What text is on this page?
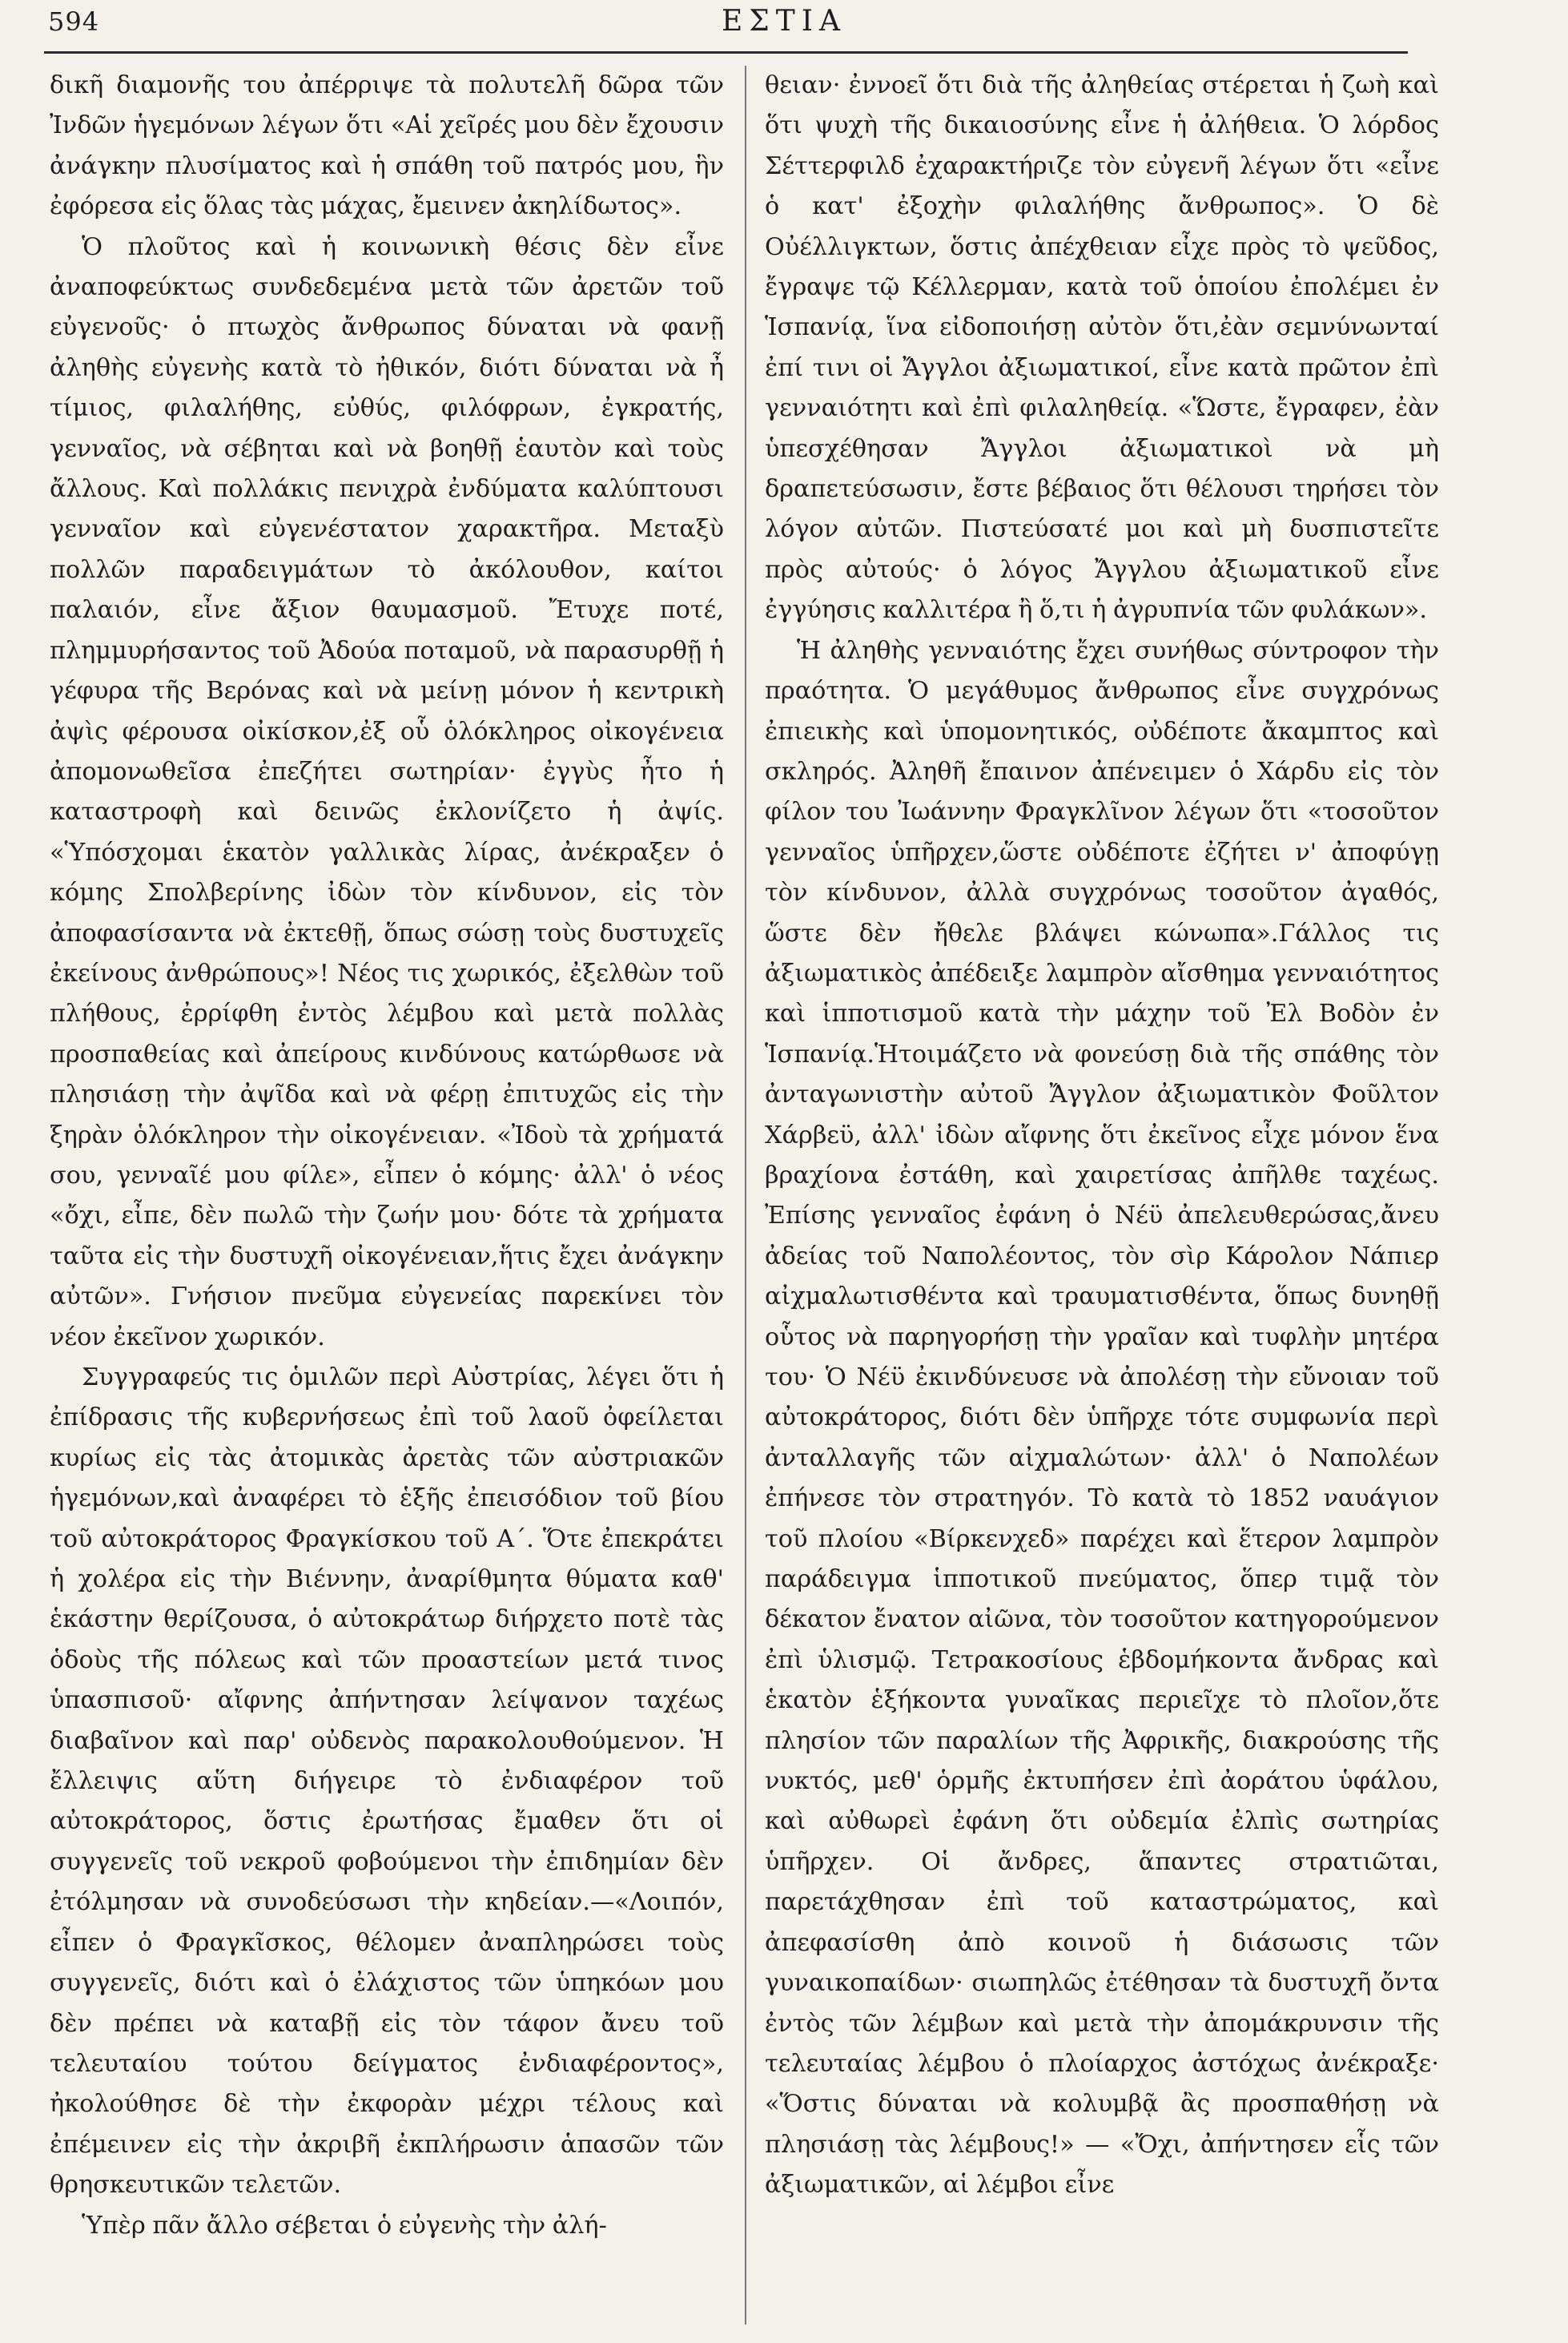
594	ΕΣΤΙΑ

δικῆ διαμονῆς του ἀπέρριψε τὰ πολυτελῆ δῶρα τῶν Ἰνδῶν ἡγεμόνων λέγων ὅτι «Αἱ χεῖρές μου δὲν ἔχουσιν ἀνάγκην πλυσίματος καὶ ἡ σπάθη τοῦ πατρός μου, ἣν ἐφόρεσα εἰς ὅλας τὰς μάχας, ἔμεινεν ἀκηλίδωτος».

Ὁ πλοῦτος καὶ ἡ κοινωνικὴ θέσις δὲν εἶνε ἀναποφεύκτως συνδεδεμένα μετὰ τῶν ἀρετῶν τοῦ εὐγενοῦς· ὁ πτωχὸς ἄνθρωπος δύναται νὰ φανῇ ἀληθὴς εὐγενὴς κατὰ τὸ ἠθικόν, διότι δύναται νὰ ἦ τίμιος, φιλαλήθης, εὐθύς, φιλόφρων, ἐγκρατής, γενναῖος, νὰ σέβηται καὶ νὰ βοηθῇ ἑαυτὸν καὶ τοὺς ἄλλους. Καὶ πολλάκις πενιχρὰ ἐνδύματα καλύπτουσι γενναῖον καὶ εὐγενέστατον χαρακτῆρα. Μεταξὺ πολλῶν παραδειγμάτων τὸ ἀκόλουθον, καίτοι παλαιόν, εἶνε ἄξιον θαυμασμοῦ. Ἔτυχε ποτέ, πλημμυρήσαντος τοῦ Ἀδούα ποταμοῦ, νὰ παρασυρθῇ ἡ γέφυρα τῆς Βερόνας καὶ νὰ μείνῃ μόνον ἡ κεντρικὴ ἀψὶς φέρουσα οἰκίσκον,ἐξ οὗ ὁλόκληρος οἰκογένεια ἀπομονωθεῖσα ἐπεζήτει σωτηρίαν· ἐγγὺς ἦτο ἡ καταστροφὴ καὶ δεινῶς ἐκλονίζετο ἡ ἀψίς. «Ὑπόσχομαι ἑκατὸν γαλλικὰς λίρας, ἀνέκραξεν ὁ κόμης Σπολβερίνης ἰδὼν τὸν κίνδυνον, εἰς τὸν ἀποφασίσαντα νὰ ἐκτεθῇ, ὅπως σώσῃ τοὺς δυστυχεῖς ἐκείνους ἀνθρώπους»! Νέος τις χωρικός, ἐξελθὼν τοῦ πλήθους, ἐρρίφθη ἐντὸς λέμβου καὶ μετὰ πολλὰς προσπαθείας καὶ ἀπείρους κινδύνους κατώρθωσε νὰ πλησιάσῃ τὴν ἀψῖδα καὶ νὰ φέρῃ ἐπιτυχῶς εἰς τὴν ξηρὰν ὁλόκληρον τὴν οἰκογένειαν. «Ἰδοὺ τὰ χρήματά σου, γενναῖέ μου φίλε», εἶπεν ὁ κόμης· ἀλλ' ὁ νέος «ὄχι, εἶπε, δὲν πωλῶ τὴν ζωήν μου· δότε τὰ χρήματα ταῦτα εἰς τὴν δυστυχῆ οἰκογένειαν,ἥτις ἔχει ἀνάγκην αὐτῶν». Γνήσιον πνεῦμα εὐγενείας παρεκίνει τὸν νέον ἐκεῖνον χωρικόν.

Συγγραφεύς τις ὁμιλῶν περὶ Αὐστρίας, λέγει ὅτι ἡ ἐπίδρασις τῆς κυβερνήσεως ἐπὶ τοῦ λαοῦ ὀφείλεται κυρίως εἰς τὰς ἀτομικὰς ἀρετὰς τῶν αὐστριακῶν ἡγεμόνων,καὶ ἀναφέρει τὸ ἑξῆς ἐπεισόδιον τοῦ βίου τοῦ αὐτοκράτορος Φραγκίσκου τοῦ Α΄. Ὅτε ἐπεκράτει ἡ χολέρα εἰς τὴν Βιέννην, ἀναρίθμητα θύματα καθ' ἑκάστην θερίζουσα, ὁ αὐτοκράτωρ διήρχετο ποτὲ τὰς ὁδοὺς τῆς πόλεως καὶ τῶν προαστείων μετά τινος ὑπασπισοῦ· αἴφνης ἀπήντησαν λείψανον ταχέως διαβαῖνον καὶ παρ' οὐδενὸς παρακολουθούμενον. Ἡ ἔλλειψις αὕτη διήγειρε τὸ ἐνδιαφέρον τοῦ αὐτοκράτορος, ὅστις ἐρωτήσας ἔμαθεν ὅτι οἱ συγγενεῖς τοῦ νεκροῦ φοβούμενοι τὴν ἐπιδημίαν δὲν ἐτόλμησαν νὰ συνοδεύσωσι τὴν κηδείαν.—«Λοιπόν, εἶπεν ὁ Φραγκῖσκος, θέλομεν ἀναπληρώσει τοὺς συγγενεῖς, διότι καὶ ὁ ἐλάχιστος τῶν ὑπηκόων μου δὲν πρέπει νὰ καταβῇ εἰς τὸν τάφον ἄνευ τοῦ τελευταίου τούτου δείγματος ἐνδιαφέροντος», ἠκολούθησε δὲ τὴν ἐκφορὰν μέχρι τέλους καὶ ἐπέμεινεν εἰς τὴν ἀκριβῆ ἐκπλήρωσιν ἁπασῶν τῶν θρησκευτικῶν τελετῶν.

Ὑπὲρ πᾶν ἄλλο σέβεται ὁ εὐγενὴς τὴν ἀλή-

θειαν· ἐννοεῖ ὅτι διὰ τῆς ἀληθείας στέρεται ἡ ζωὴ καὶ ὅτι ψυχὴ τῆς δικαιοσύνης εἶνε ἡ ἀλήθεια. Ὁ λόρδος Σέττερφιλδ ἐχαρακτήριζε τὸν εὐγενῆ λέγων ὅτι «εἶνε ὁ κατ' ἐξοχὴν φιλαλήθης ἄνθρωπος». Ὁ δὲ Οὐέλλιγκτων, ὅστις ἀπέχθειαν εἶχε πρὸς τὸ ψεῦδος, ἔγραψε τῷ Κέλλερμαν, κατὰ τοῦ ὁποίου ἐπολέμει ἐν Ἱσπανίᾳ, ἵνα εἰδοποιήσῃ αὐτὸν ὅτι,ἐὰν σεμνύνωνταί ἐπί τινι οἱ Ἄγγλοι ἀξιωματικοί, εἶνε κατὰ πρῶτον ἐπὶ γενναιότητι καὶ ἐπὶ φιλαληθείᾳ. «Ὥστε, ἔγραφεν, ἐὰν ὑπεσχέθησαν Ἄγγλοι ἀξιωματικοὶ νὰ μὴ δραπετεύσωσιν, ἔστε βέβαιος ὅτι θέλουσι τηρήσει τὸν λόγον αὐτῶν. Πιστεύσατέ μοι καὶ μὴ δυσπιστεῖτε πρὸς αὐτούς· ὁ λόγος Ἄγγλου ἀξιωματικοῦ εἶνε ἐγγύησις καλλιτέρα ἢ ὅ,τι ἡ ἀγρυπνία τῶν φυλάκων».

Ἡ ἀληθὴς γενναιότης ἔχει συνήθως σύντροφον τὴν πραότητα. Ὁ μεγάθυμος ἄνθρωπος εἶνε συγχρόνως ἐπιεικὴς καὶ ὑπομονητικός, οὐδέποτε ἄκαμπτος καὶ σκληρός. Ἀληθῆ ἔπαινον ἀπένειμεν ὁ Χάρδυ εἰς τὸν φίλον του Ἰωάννην Φραγκλῖνον λέγων ὅτι «τοσοῦτον γενναῖος ὑπῆρχεν,ὥστε οὐδέποτε ἐζήτει ν' ἀποφύγῃ τὸν κίνδυνον, ἀλλὰ συγχρόνως τοσοῦτον ἀγαθός, ὥστε δὲν ἤθελε βλάψει κώνωπα».Γάλλος τις ἀξιωματικὸς ἀπέδειξε λαμπρὸν αἴσθημα γενναιότητος καὶ ἱπποτισμοῦ κατὰ τὴν μάχην τοῦ Ἐλ Βοδὸν ἐν Ἱσπανίᾳ.Ἡτοιμάζετο νὰ φονεύσῃ διὰ τῆς σπάθης τὸν ἀνταγωνιστὴν αὐτοῦ Ἄγγλον ἀξιωματικὸν Φοῦλτον Χάρβεϋ, ἀλλ' ἰδὼν αἴφνης ὅτι ἐκεῖνος εἶχε μόνον ἕνα βραχίονα ἐστάθη, καὶ χαιρετίσας ἀπῆλθε ταχέως. Ἐπίσης γενναῖος ἐφάνη ὁ Νέϋ ἀπελευθερώσας,ἄνευ ἀδείας τοῦ Ναπολέοντος, τὸν σὶρ Κάρολον Νάπιερ αἰχμαλωτισθέντα καὶ τραυματισθέντα, ὅπως δυνηθῇ οὗτος νὰ παρηγορήσῃ τὴν γραῖαν καὶ τυφλὴν μητέρα του· Ὁ Νέϋ ἐκινδύνευσε νὰ ἀπολέσῃ τὴν εὔνοιαν τοῦ αὐτοκράτορος, διότι δὲν ὑπῆρχε τότε συμφωνία περὶ ἀνταλλαγῆς τῶν αἰχμαλώτων· ἀλλ' ὁ Ναπολέων ἐπήνεσε τὸν στρατηγόν. Τὸ κατὰ τὸ 1852 ναυάγιον τοῦ πλοίου «Βίρκενχεδ» παρέχει καὶ ἕτερον λαμπρὸν παράδειγμα ἱπποτικοῦ πνεύματος, ὅπερ τιμᾷ τὸν δέκατον ἔνατον αἰῶνα, τὸν τοσοῦτον κατηγορούμενον ἐπὶ ὑλισμῷ. Τετρακοσίους ἑβδομήκοντα ἄνδρας καὶ ἑκατὸν ἑξήκοντα γυναῖκας περιεῖχε τὸ πλοῖον,ὅτε πλησίον τῶν παραλίων τῆς Ἀφρικῆς, διακρούσης τῆς νυκτός, μεθ' ὁρμῆς ἐκτυπήσεν ἐπὶ ἀοράτου ὑφάλου, καὶ αὐθωρεὶ ἐφάνη ὅτι οὐδεμία ἐλπὶς σωτηρίας ὑπῆρχεν. Οἱ ἄνδρες, ἅπαντες στρατιῶται, παρετάχθησαν ἐπὶ τοῦ καταστρώματος, καὶ ἀπεφασίσθη ἀπὸ κοινοῦ ἡ διάσωσις τῶν γυναικοπαίδων· σιωπηλῶς ἐτέθησαν τὰ δυστυχῆ ὄντα ἐντὸς τῶν λέμβων καὶ μετὰ τὴν ἀπομάκρυνσιν τῆς τελευταίας λέμβου ὁ πλοίαρχος ἀστόχως ἀνέκραξε· «Ὅστις δύναται νὰ κολυμβᾷ ἂς προσπαθήσῃ νὰ πλησιάσῃ τὰς λέμβους!» — «Ὄχι, ἀπήντησεν εἷς τῶν ἀξιωματικῶν, αἱ λέμβοι εἶνε
